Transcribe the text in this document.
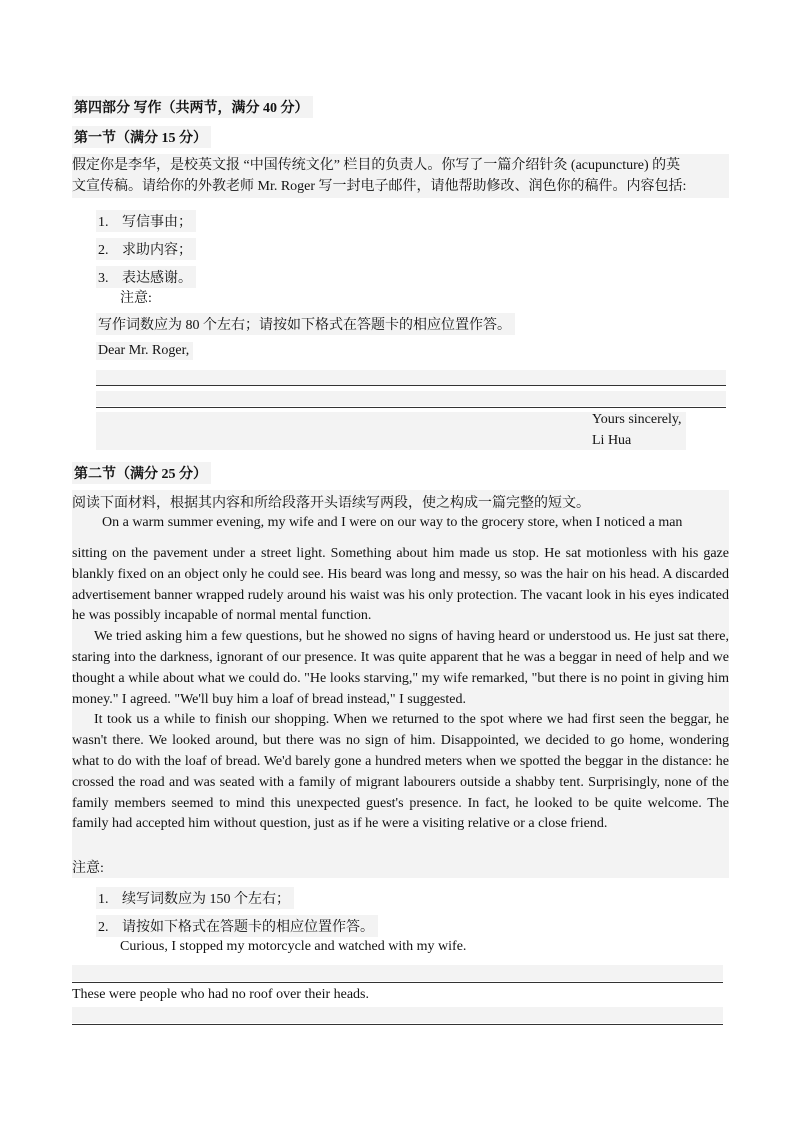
第四部分 写作（共两节，满分 40 分）
第一节（满分 15 分）
假定你是李华，是校英文报 “中国传统文化” 栏目的负责人。你写了一篇介绍针灸 (acupuncture) 的英
文宣传稿。请给你的外教老师 Mr. Roger 写一封电子邮件，请他帮助修改、润色你的稿件。内容包括:
1. 写信事由；
2. 求助内容；
3. 表达感谢。
注意:
写作词数应为 80 个左右；请按如下格式在答题卡的相应位置作答。
Dear Mr. Roger,
Yours sincerely,
Li Hua
第二节（满分 25 分）
阅读下面材料，根据其内容和所给段落开头语续写两段，使之构成一篇完整的短文。
On a warm summer evening, my wife and I were on our way to the grocery store, when I noticed a man

sitting on the pavement under a street light. Something about him made us stop. He sat motionless with his gaze blankly fixed on an object only he could see. His beard was long and messy, so was the hair on his head. A discarded advertisement banner wrapped rudely around his waist was his only protection. The vacant look in his eyes indicated he was possibly incapable of normal mental function.

We tried asking him a few questions, but he showed no signs of having heard or understood us. He just sat there, staring into the darkness, ignorant of our presence. It was quite apparent that he was a beggar in need of help and we thought a while about what we could do. "He looks starving," my wife remarked, "but there is no point in giving him money." I agreed. "We'll buy him a loaf of bread instead," I suggested.

It took us a while to finish our shopping. When we returned to the spot where we had first seen the beggar, he wasn't there. We looked around, but there was no sign of him. Disappointed, we decided to go home, wondering what to do with the loaf of bread. We'd barely gone a hundred meters when we spotted the beggar in the distance: he crossed the road and was seated with a family of migrant labourers outside a shabby tent. Surprisingly, none of the family members seemed to mind this unexpected guest's presence. In fact, he looked to be quite welcome. The family had accepted him without question, just as if he were a visiting relative or a close friend.

注意:
1. 续写词数应为 150 个左右；
2. 请按如下格式在答题卡的相应位置作答。
Curious, I stopped my motorcycle and watched with my wife.
These were people who had no roof over their heads.
